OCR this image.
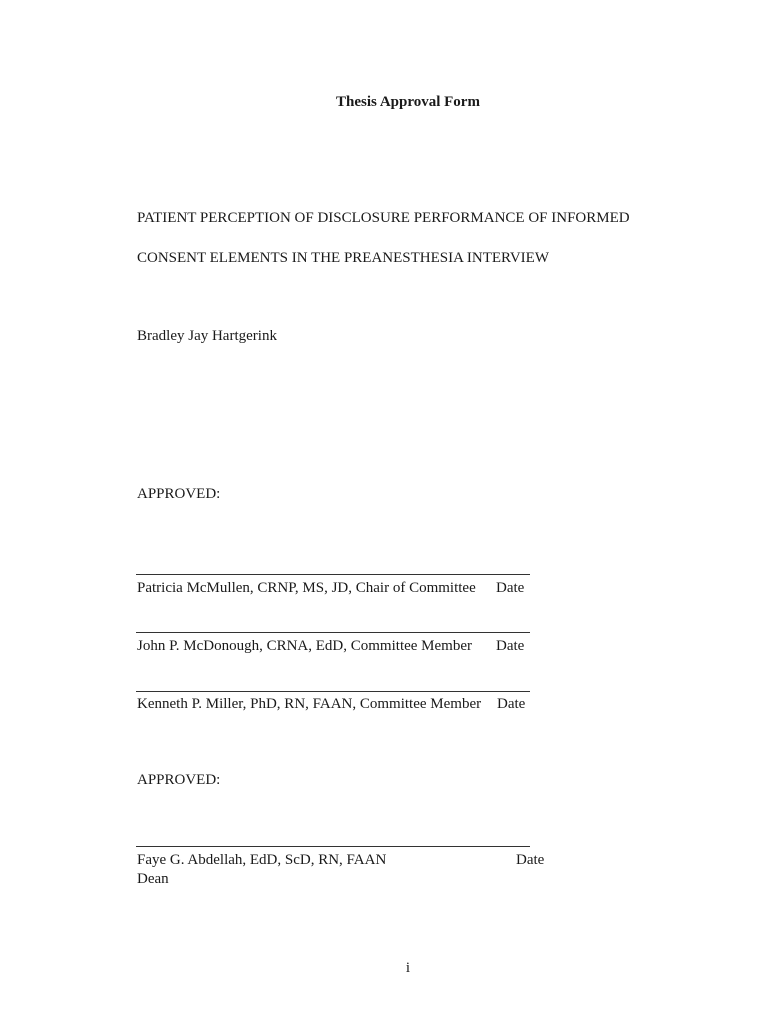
Thesis Approval Form
PATIENT PERCEPTION OF DISCLOSURE PERFORMANCE OF INFORMED
CONSENT ELEMENTS IN THE PREANESTHESIA INTERVIEW
Bradley Jay Hartgerink
APPROVED:
Patricia McMullen, CRNP, MS, JD, Chair of Committee Date
John P. McDonough, CRNA, EdD, Committee Member Date
Kenneth P. Miller, PhD, RN, FAAN, Committee Member Date
APPROVED:
Faye G. Abdellah, EdD, ScD, RN, FAAN	Date
Dean
i
